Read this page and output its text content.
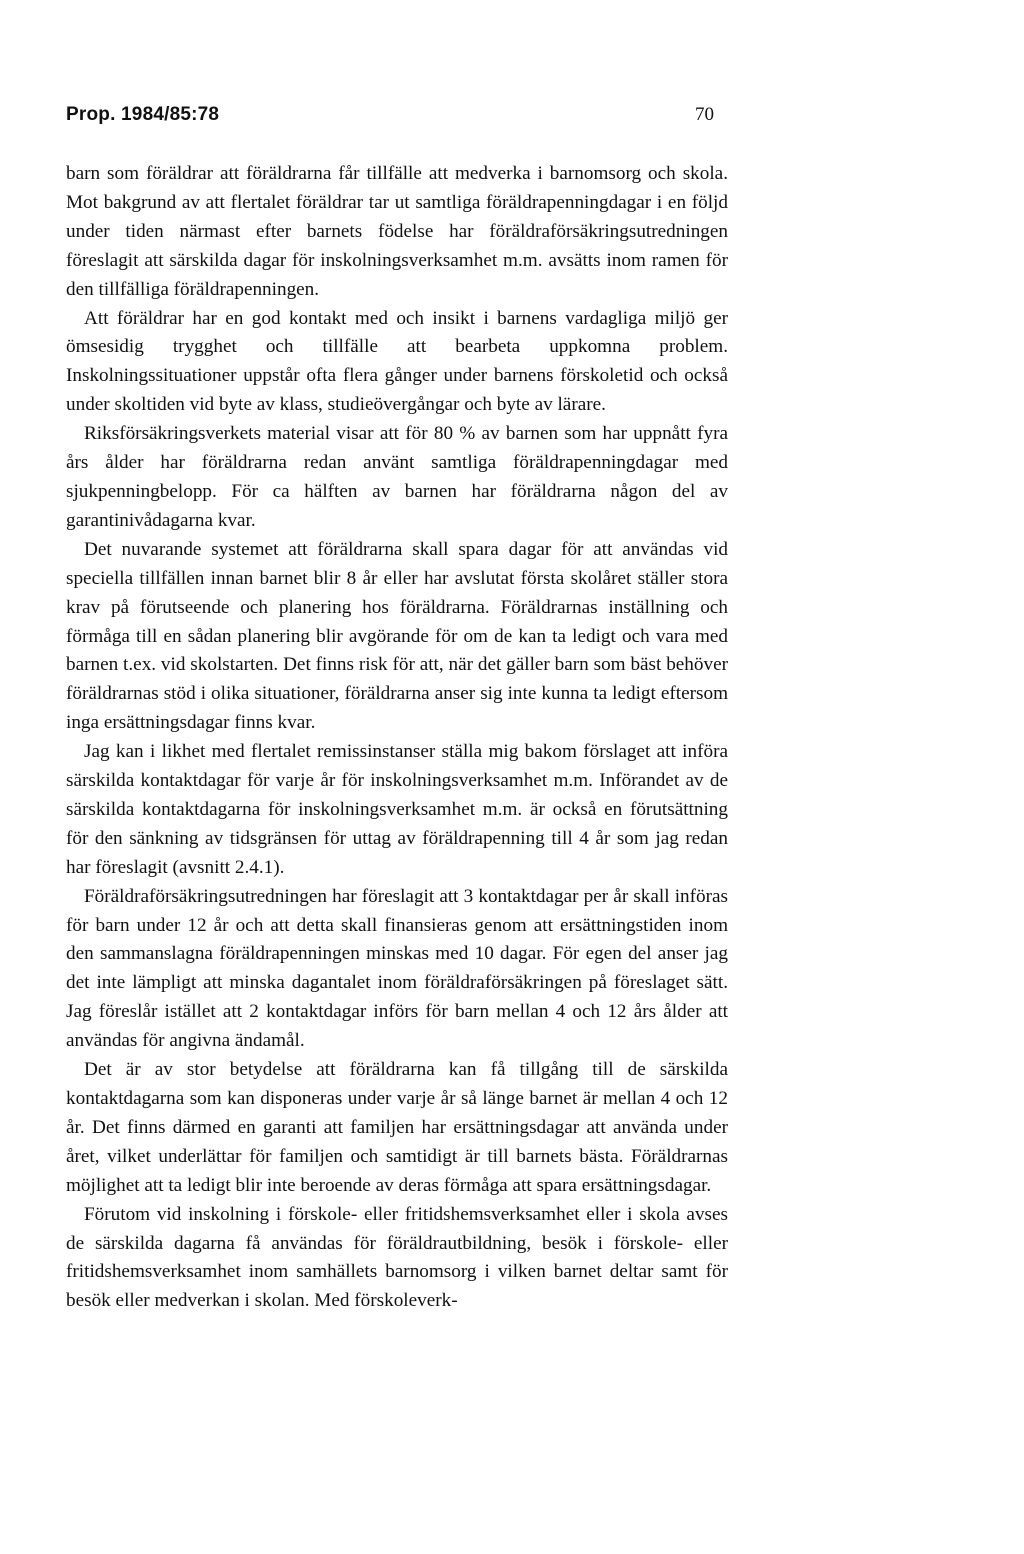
Prop. 1984/85:78	70

barn som föräldrar att föräldrarna får tillfälle att medverka i barnomsorg och skola. Mot bakgrund av att flertalet föräldrar tar ut samtliga föräldrapenningdagar i en följd under tiden närmast efter barnets födelse har föräldraförsäkringsutredningen föreslagit att särskilda dagar för inskolningsverksamhet m.m. avsätts inom ramen för den tillfälliga föräldrapenningen.

Att föräldrar har en god kontakt med och insikt i barnens vardagliga miljö ger ömsesidig trygghet och tillfälle att bearbeta uppkomna problem. Inskolningssituationer uppstår ofta flera gånger under barnens förskoletid och också under skoltiden vid byte av klass, studieövergångar och byte av lärare.

Riksförsäkringsverkets material visar att för 80 % av barnen som har uppnått fyra års ålder har föräldrarna redan använt samtliga föräldrapenningdagar med sjukpenningbelopp. För ca hälften av barnen har föräldrarna någon del av garantinivådagarna kvar.

Det nuvarande systemet att föräldrarna skall spara dagar för att användas vid speciella tillfällen innan barnet blir 8 år eller har avslutat första skolåret ställer stora krav på förutseende och planering hos föräldrarna. Föräldrarnas inställning och förmåga till en sådan planering blir avgörande för om de kan ta ledigt och vara med barnen t.ex. vid skolstarten. Det finns risk för att, när det gäller barn som bäst behöver föräldrarnas stöd i olika situationer, föräldrarna anser sig inte kunna ta ledigt eftersom inga ersättningsdagar finns kvar.

Jag kan i likhet med flertalet remissinstanser ställa mig bakom förslaget att införa särskilda kontaktdagar för varje år för inskolningsverksamhet m.m. Införandet av de särskilda kontaktdagarna för inskolningsverksamhet m.m. är också en förutsättning för den sänkning av tidsgränsen för uttag av föräldrapenning till 4 år som jag redan har föreslagit (avsnitt 2.4.1).

Föräldraförsäkringsutredningen har föreslagit att 3 kontaktdagar per år skall införas för barn under 12 år och att detta skall finansieras genom att ersättningstiden inom den sammanslagna föräldrapenningen minskas med 10 dagar. För egen del anser jag det inte lämpligt att minska dagantalet inom föräldraförsäkringen på föreslaget sätt. Jag föreslår istället att 2 kontaktdagar införs för barn mellan 4 och 12 års ålder att användas för angivna ändamål.

Det är av stor betydelse att föräldrarna kan få tillgång till de särskilda kontaktdagarna som kan disponeras under varje år så länge barnet är mellan 4 och 12 år. Det finns därmed en garanti att familjen har ersättningsdagar att använda under året, vilket underlättar för familjen och samtidigt är till barnets bästa. Föräldrarnas möjlighet att ta ledigt blir inte beroende av deras förmåga att spara ersättningsdagar.

Förutom vid inskolning i förskole- eller fritidshemsverksamhet eller i skola avses de särskilda dagarna få användas för föräldrautbildning, besök i förskole- eller fritidshemsverksamhet inom samhällets barnomsorg i vilken barnet deltar samt för besök eller medverkan i skolan. Med förskoleverk-
